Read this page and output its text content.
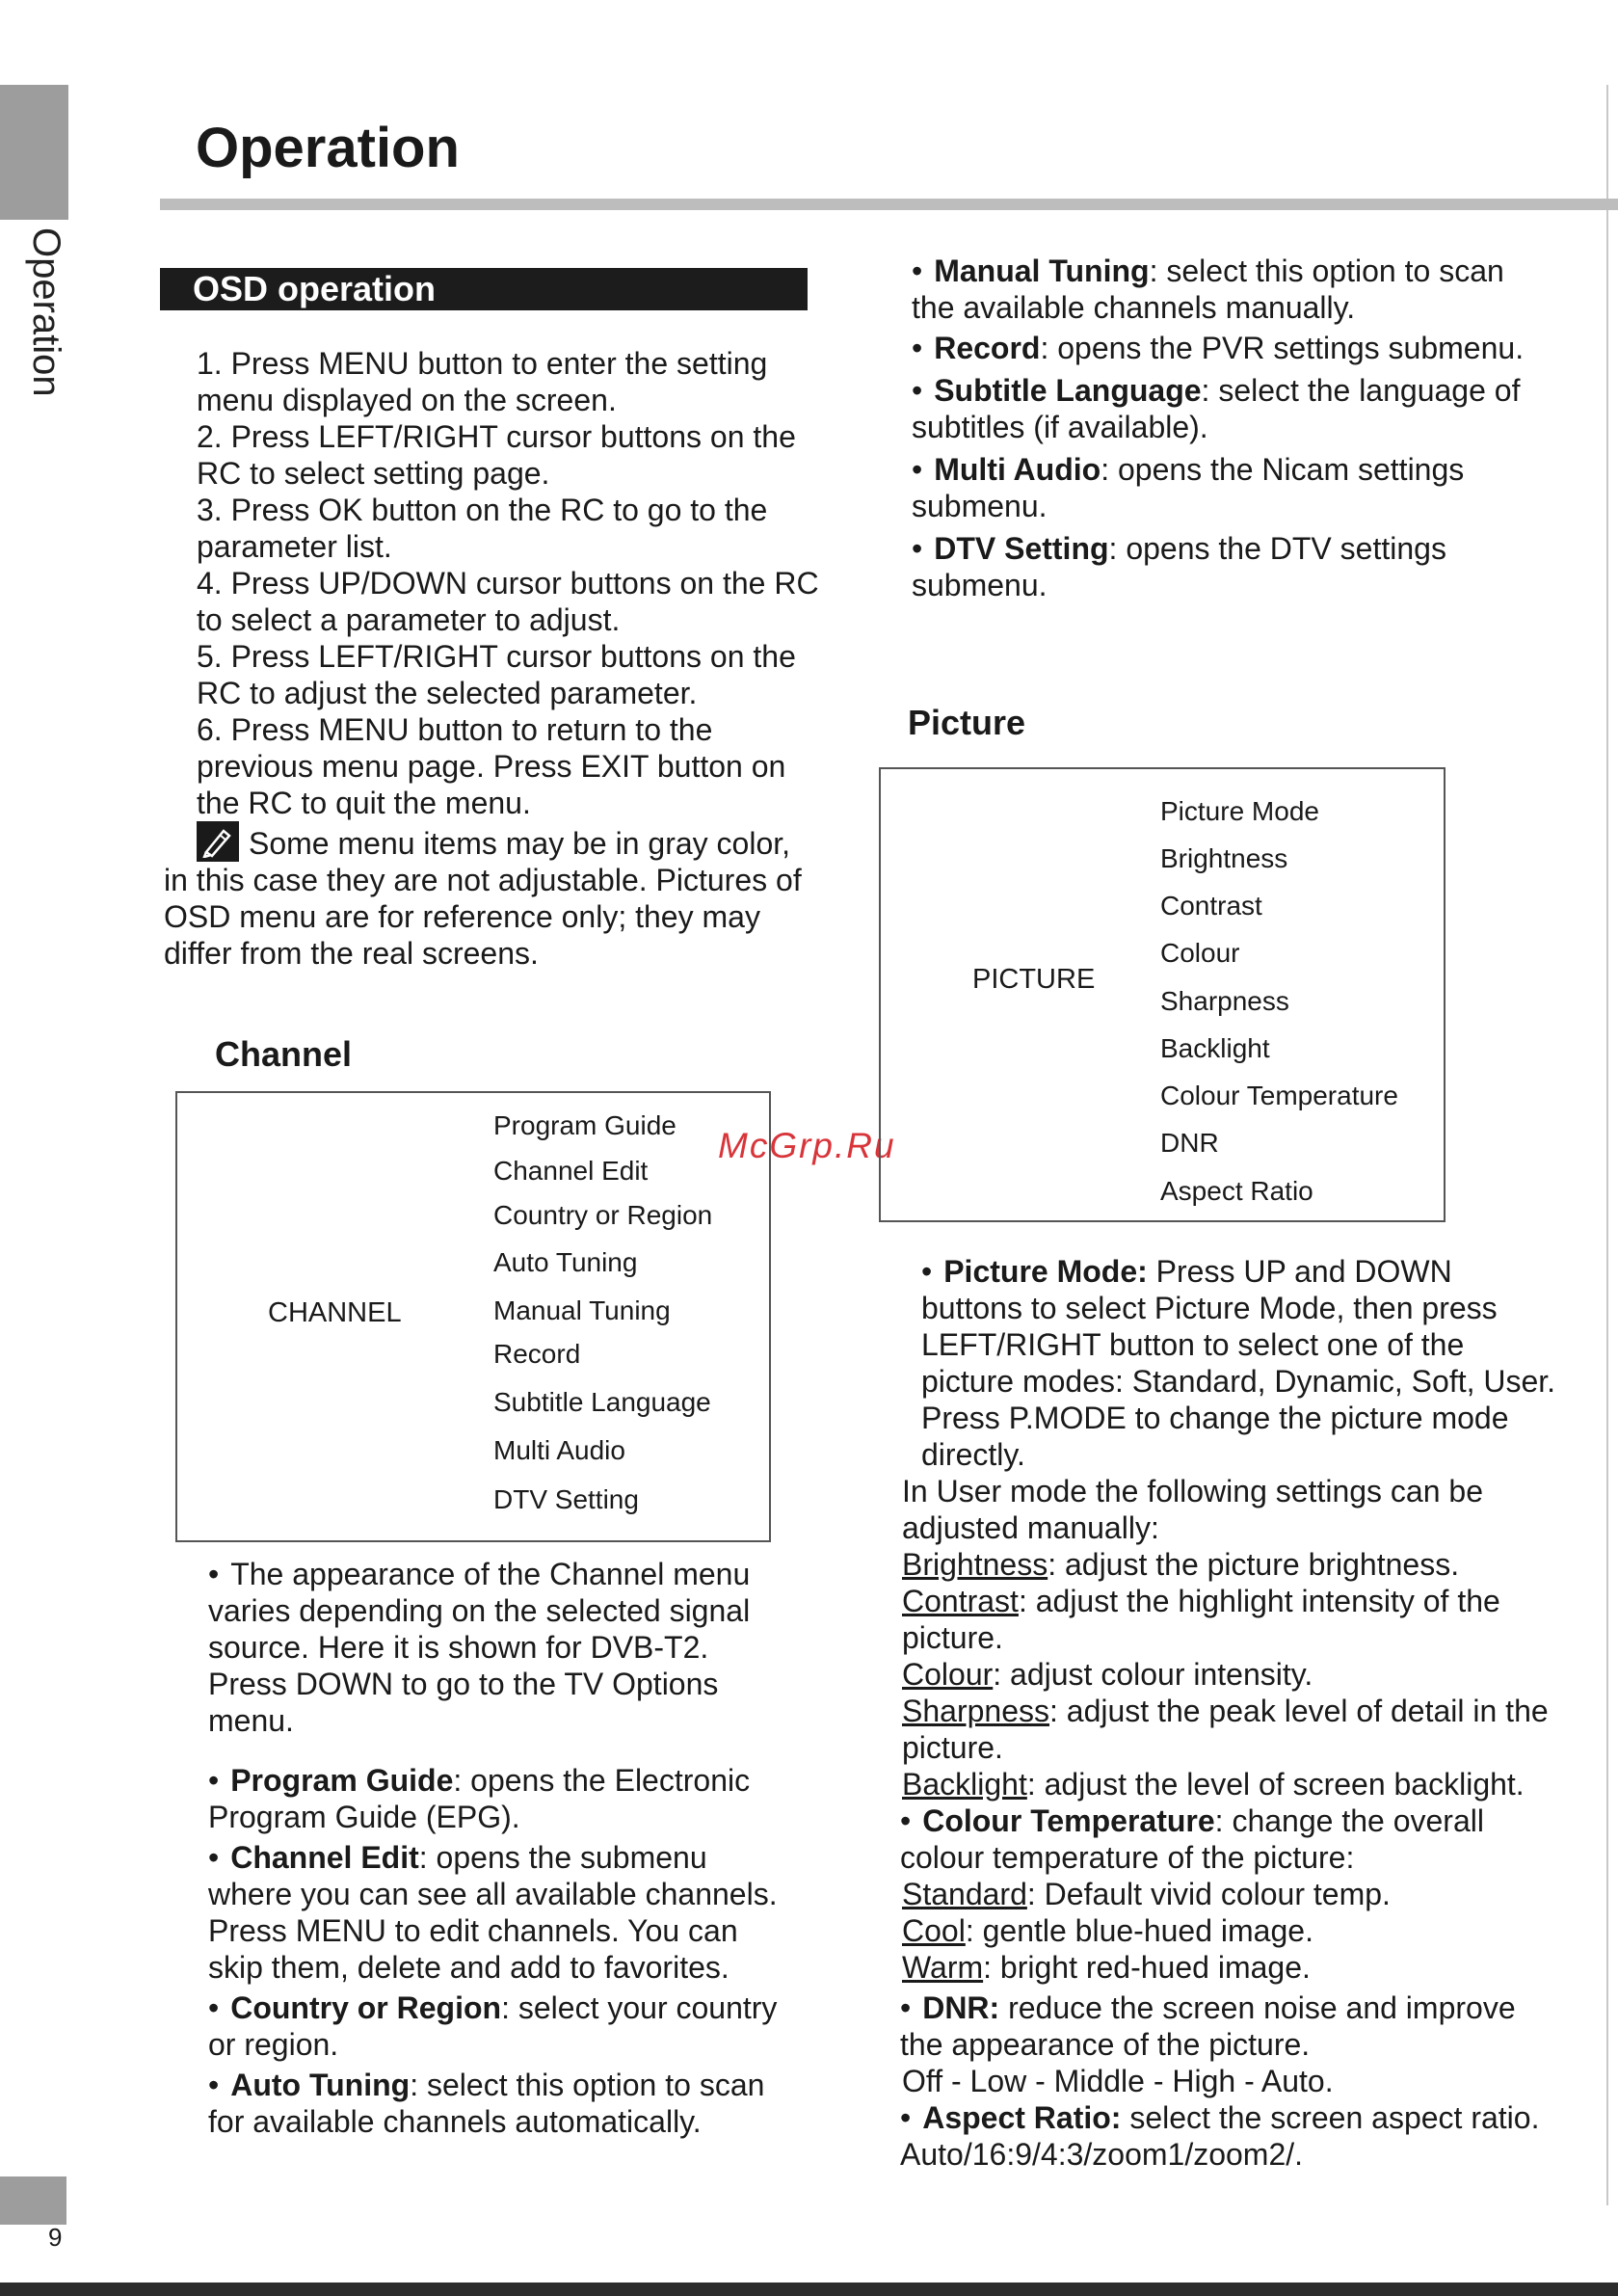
Operation
9
Operation
OSD operation

1. Press MENU button to enter the setting menu displayed on the screen.

2. Press LEFT/RIGHT cursor buttons on the RC to select setting page.

3. Press OK button on the RC to go to the parameter list.

4. Press UP/DOWN cursor buttons on the RC to select a parameter to adjust.

5. Press LEFT/RIGHT cursor buttons on the RC to adjust the selected parameter.

6. Press MENU button to return to the previous menu page. Press EXIT button on the RC to quit the menu.

Some menu items may be in gray color, in this case they are not adjustable. Pictures of OSD menu are for reference only; they may differ from the real screens.

Channel
CHANNEL
Program Guide
Channel Edit
Country or Region
Auto Tuning
Manual Tuning
Record
Subtitle Language
Multi Audio
DTV Setting
McGrp.Ru

• The appearance of the Channel menu varies depending on the selected signal source. Here it is shown for DVB-T2. Press DOWN to go to the TV Options menu.

• Program Guide: opens the Electronic Program Guide (EPG).

• Channel Edit: opens the submenu where you can see all available channels. Press MENU to edit channels. You can skip them, delete and add to favorites.

• Country or Region: select your country or region.

• Auto Tuning: select this option to scan for available channels automatically.

• Manual Tuning: select this option to scan the available channels manually.

• Record: opens the PVR settings submenu.

• Subtitle Language: select the language of subtitles (if available).

• Multi Audio: opens the Nicam settings submenu.

• DTV Setting: opens the DTV settings submenu.

Picture
PICTURE
Picture Mode
Brightness
Contrast
Colour
Sharpness
Backlight
Colour Temperature
DNR
Aspect Ratio

• Picture Mode: Press UP and DOWN buttons to select Picture Mode, then press LEFT/RIGHT button to select one of the picture modes: Standard, Dynamic, Soft, User. Press P.MODE to change the picture mode directly.

In User mode the following settings can be adjusted manually:

Brightness: adjust the picture brightness.

Contrast: adjust the highlight intensity of the picture.

Colour: adjust colour intensity.

Sharpness: adjust the peak level of detail in the picture.

Backlight: adjust the level of screen backlight.

• Colour Temperature: change the overall colour temperature of the picture:

Standard: Default vivid colour temp.

Cool: gentle blue-hued image.

Warm: bright red-hued image.

• DNR: reduce the screen noise and improve the appearance of the picture.

Off - Low - Middle - High - Auto.

• Aspect Ratio: select the screen aspect ratio. Auto/16:9/4:3/zoom1/zoom2/.
